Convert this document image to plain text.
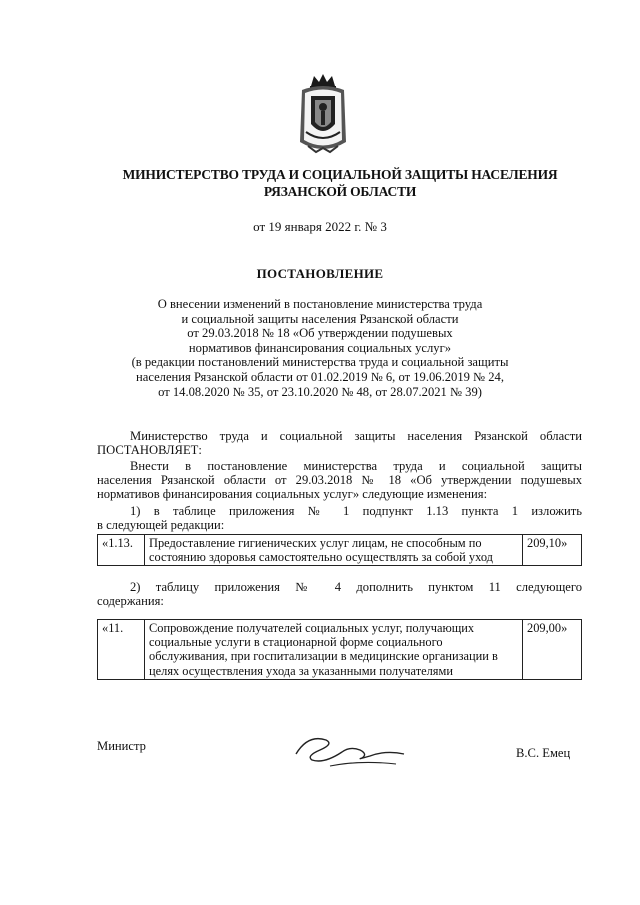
МИНИСТЕРСТВО ТРУДА И СОЦИАЛЬНОЙ ЗАЩИТЫ НАСЕЛЕНИЯ
РЯЗАНСКОЙ ОБЛАСТИ
от 19 января 2022 г. № 3
ПОСТАНОВЛЕНИЕ
О внесении изменений в постановление министерства труда
и социальной защиты населения Рязанской области
от 29.03.2018 № 18 «Об утверждении подушевых
нормативов финансирования социальных услуг»
(в редакции постановлений министерства труда и социальной защиты
населения Рязанской области от 01.02.2019 № 6, от 19.06.2019 № 24,
от 14.08.2020 № 35, от 23.10.2020 № 48, от 28.07.2021 № 39)
Министерство труда и социальной защиты населения Рязанской области
ПОСТАНОВЛЯЕТ:
Внести в постановление министерства труда и социальной защиты
населения Рязанской области от 29.03.2018 № 18 «Об утверждении подушевых
нормативов финансирования социальных услуг» следующие изменения:
1) в таблице приложения № 1 подпункт 1.13 пункта 1 изложить
в следующей редакции:
«1.13.	Предоставление гигиенических услуг лицам, не способным по состоянию здоровья самостоятельно осуществлять за собой уход	209,10»
2) таблицу приложения № 4 дополнить пунктом 11 следующего
содержания:
«11.	Сопровождение получателей социальных услуг, получающих социальные услуги в стационарной форме социального обслуживания, при госпитализации в медицинские организации в целях осуществления ухода за указанными получателями	209,00»
Министр	В.С. Емец
